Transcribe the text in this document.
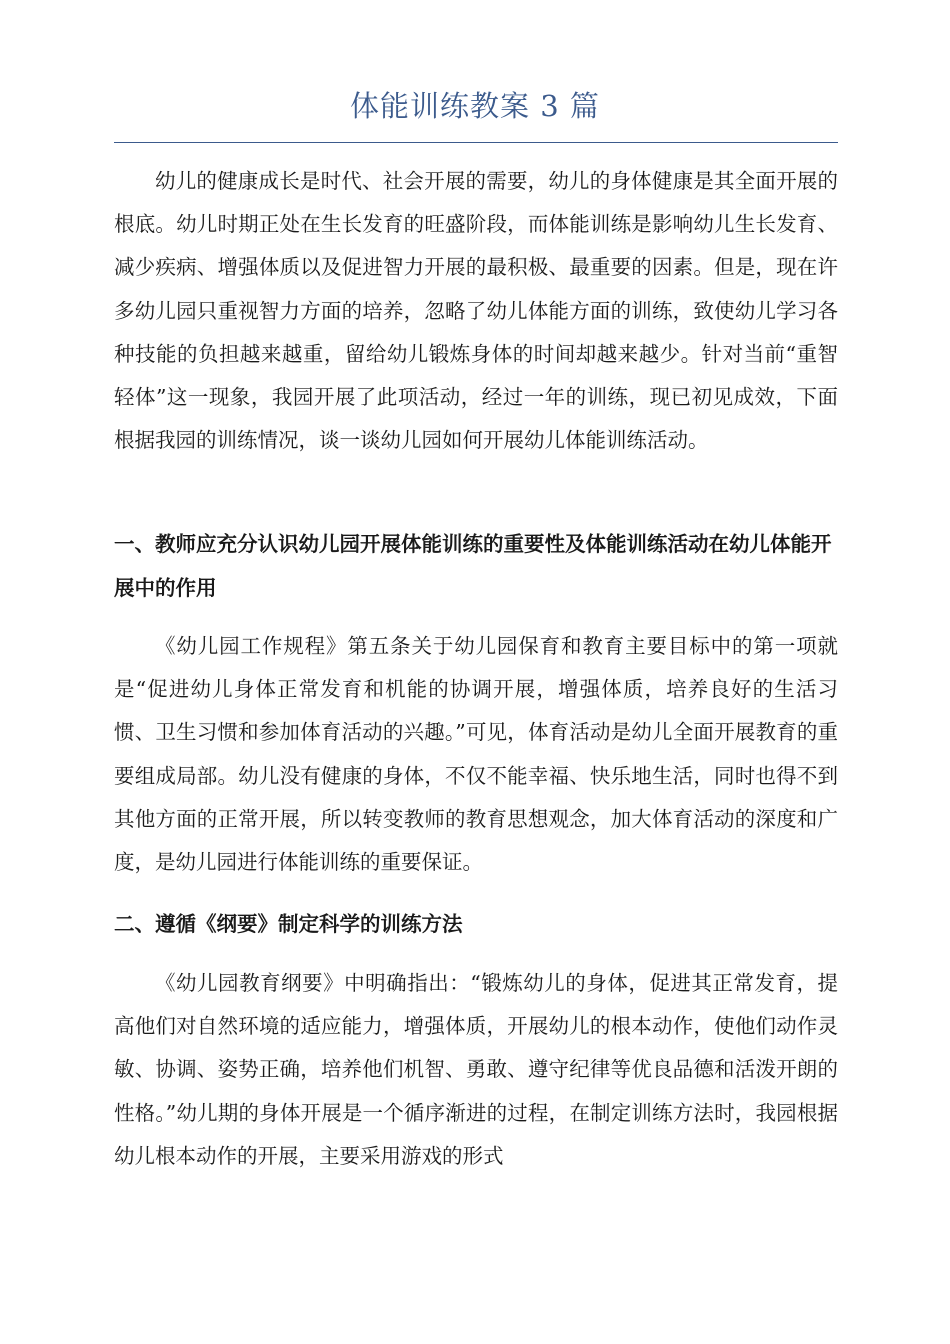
体能训练教案 3 篇

幼儿的健康成长是时代、社会开展的需要，幼儿的身体健康是其全面开展的根底。幼儿时期正处在生长发育的旺盛阶段，而体能训练是影响幼儿生长发育、减少疾病、增强体质以及促进智力开展的最积极、最重要的因素。但是，现在许多幼儿园只重视智力方面的培养，忽略了幼儿体能方面的训练，致使幼儿学习各种技能的负担越来越重，留给幼儿锻炼身体的时间却越来越少。针对当前“重智轻体”这一现象，我园开展了此项活动，经过一年的训练，现已初见成效，下面根据我园的训练情况，谈一谈幼儿园如何开展幼儿体能训练活动。

一、教师应充分认识幼儿园开展体能训练的重要性及体能训练活动在幼儿体能开展中的作用

《幼儿园工作规程》第五条关于幼儿园保育和教育主要目标中的第一项就是“促进幼儿身体正常发育和机能的协调开展，增强体质，培养良好的生活习惯、卫生习惯和参加体育活动的兴趣。”可见，体育活动是幼儿全面开展教育的重要组成局部。幼儿没有健康的身体，不仅不能幸福、快乐地生活，同时也得不到其他方面的正常开展，所以转变教师的教育思想观念，加大体育活动的深度和广度，是幼儿园进行体能训练的重要保证。

二、遵循《纲要》制定科学的训练方法

《幼儿园教育纲要》中明确指出：“锻炼幼儿的身体，促进其正常发育，提高他们对自然环境的适应能力，增强体质，开展幼儿的根本动作，使他们动作灵敏、协调、姿势正确，培养他们机智、勇敢、遵守纪律等优良品德和活泼开朗的性格。”幼儿期的身体开展是一个循序渐进的过程，在制定训练方法时，我园根据幼儿根本动作的开展，主要采用游戏的形式
